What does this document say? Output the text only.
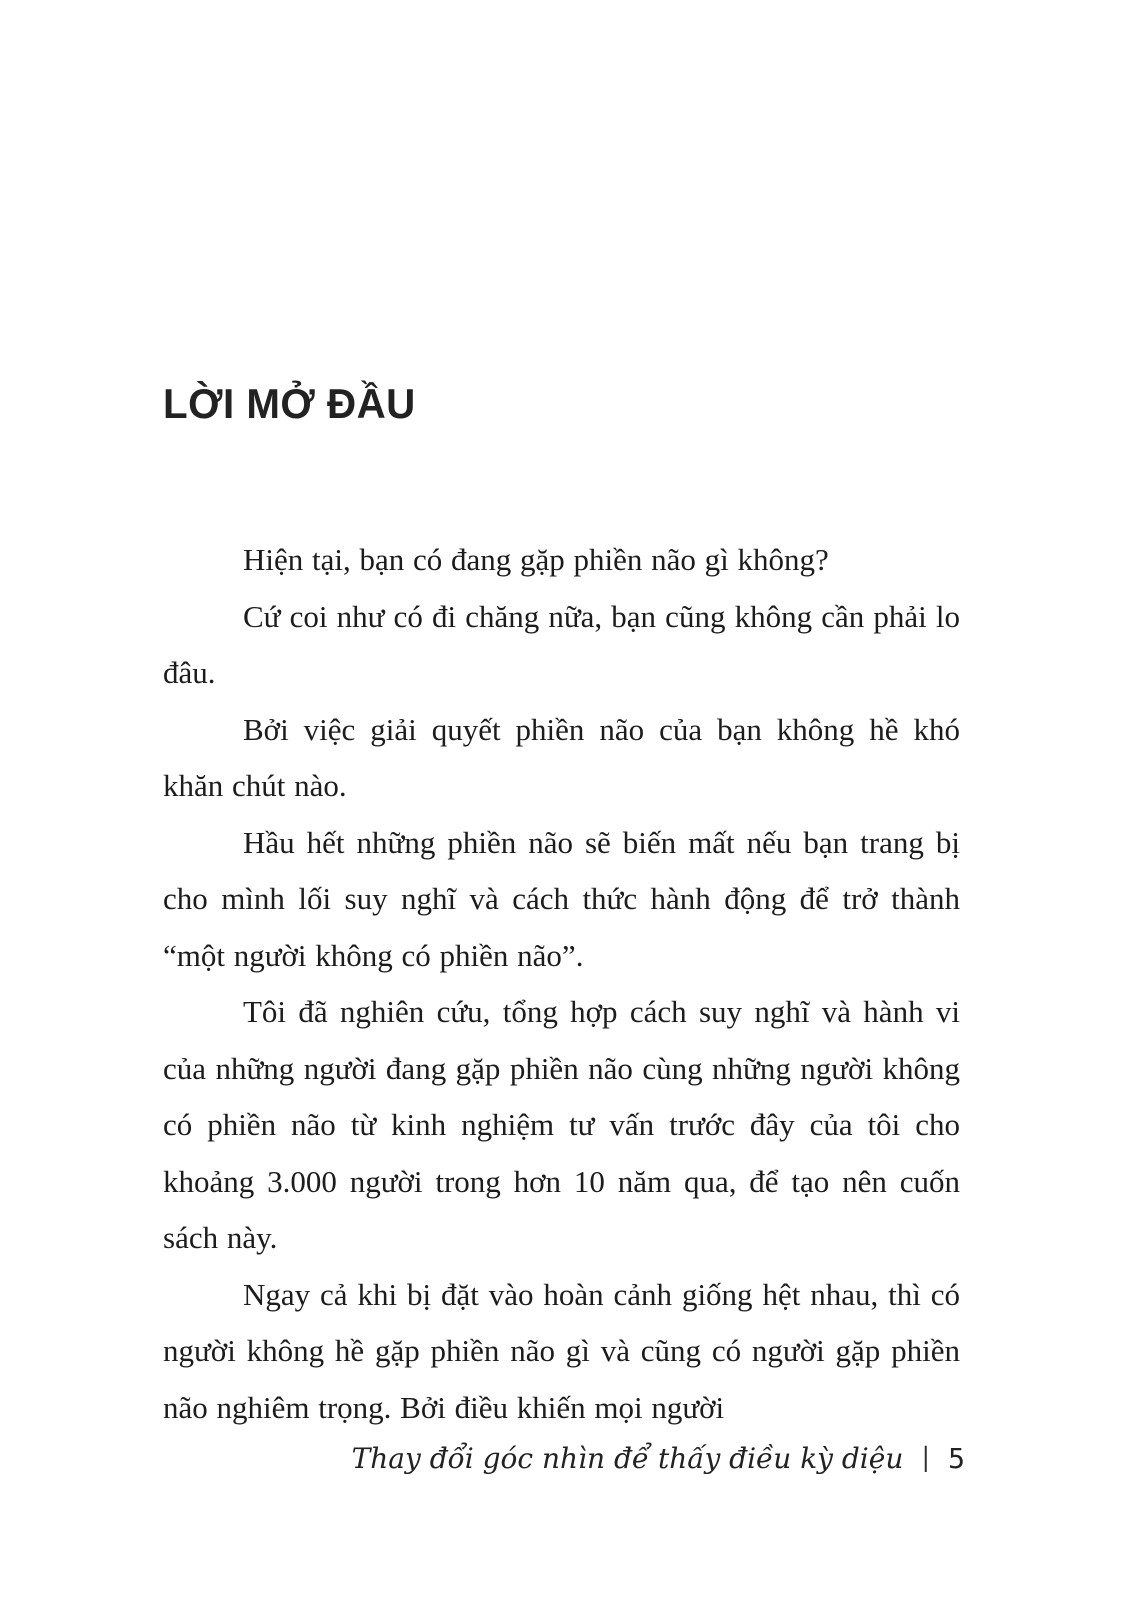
LỜI MỞ ĐẦU

Hiện tại, bạn có đang gặp phiền não gì không?

Cứ coi như có đi chăng nữa, bạn cũng không cần phải lo đâu.

Bởi việc giải quyết phiền não của bạn không hề khó khăn chút nào.

Hầu hết những phiền não sẽ biến mất nếu bạn trang bị cho mình lối suy nghĩ và cách thức hành động để trở thành “một người không có phiền não”.

Tôi đã nghiên cứu, tổng hợp cách suy nghĩ và hành vi của những người đang gặp phiền não cùng những người không có phiền não từ kinh nghiệm tư vấn trước đây của tôi cho khoảng 3.000 người trong hơn 10 năm qua, để tạo nên cuốn sách này.

Ngay cả khi bị đặt vào hoàn cảnh giống hệt nhau, thì có người không hề gặp phiền não gì và cũng có người gặp phiền não nghiêm trọng. Bởi điều khiến mọi người

Thay đổi góc nhìn để thấy điều kỳ diệu | 5
